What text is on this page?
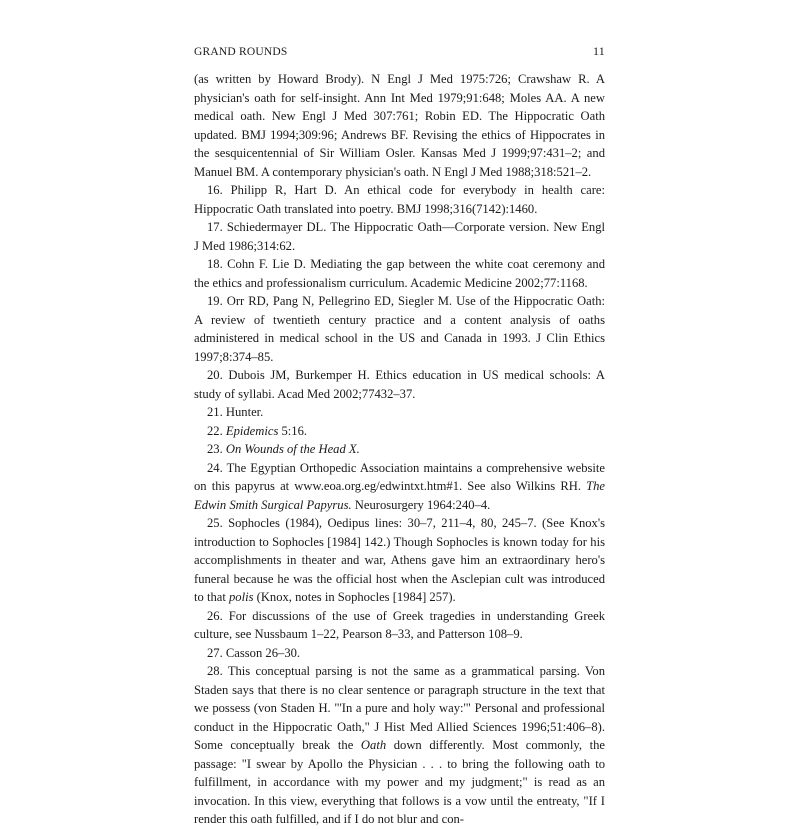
GRAND ROUNDS	11

(as written by Howard Brody). N Engl J Med 1975:726; Crawshaw R. A physician's oath for self-insight. Ann Int Med 1979;91:648; Moles AA. A new medical oath. New Engl J Med 307:761; Robin ED. The Hippocratic Oath updated. BMJ 1994;309:96; Andrews BF. Revising the ethics of Hippocrates in the sesquicentennial of Sir William Osler. Kansas Med J 1999;97:431–2; and Manuel BM. A contemporary physician's oath. N Engl J Med 1988;318:521–2.

16. Philipp R, Hart D. An ethical code for everybody in health care: Hippocratic Oath translated into poetry. BMJ 1998;316(7142):1460.

17. Schiedermayer DL. The Hippocratic Oath—Corporate version. New Engl J Med 1986;314:62.

18. Cohn F. Lie D. Mediating the gap between the white coat ceremony and the ethics and professionalism curriculum. Academic Medicine 2002;77:1168.

19. Orr RD, Pang N, Pellegrino ED, Siegler M. Use of the Hippocratic Oath: A review of twentieth century practice and a content analysis of oaths administered in medical school in the US and Canada in 1993. J Clin Ethics 1997;8:374–85.

20. Dubois JM, Burkemper H. Ethics education in US medical schools: A study of syllabi. Acad Med 2002;77432–37.

21. Hunter.

22. Epidemics 5:16.

23. On Wounds of the Head X.

24. The Egyptian Orthopedic Association maintains a comprehensive website on this papyrus at www.eoa.org.eg/edwintxt.htm#1. See also Wilkins RH. The Edwin Smith Surgical Papyrus. Neurosurgery 1964:240–4.

25. Sophocles (1984), Oedipus lines: 30–7, 211–4, 80, 245–7. (See Knox's introduction to Sophocles [1984] 142.) Though Sophocles is known today for his accomplishments in theater and war, Athens gave him an extraordinary hero's funeral because he was the official host when the Asclepian cult was introduced to that polis (Knox, notes in Sophocles [1984] 257).

26. For discussions of the use of Greek tragedies in understanding Greek culture, see Nussbaum 1–22, Pearson 8–33, and Patterson 108–9.

27. Casson 26–30.

28. This conceptual parsing is not the same as a grammatical parsing. Von Staden says that there is no clear sentence or paragraph structure in the text that we possess (von Staden H. "'In a pure and holy way:'" Personal and professional conduct in the Hippocratic Oath," J Hist Med Allied Sciences 1996;51:406–8). Some conceptually break the Oath down differently. Most commonly, the passage: "I swear by Apollo the Physician . . . to bring the following oath to fulfillment, in accordance with my power and my judgment;" is read as an invocation. In this view, everything that follows is a vow until the entreaty, "If I render this oath fulfilled, and if I do not blur and con-
